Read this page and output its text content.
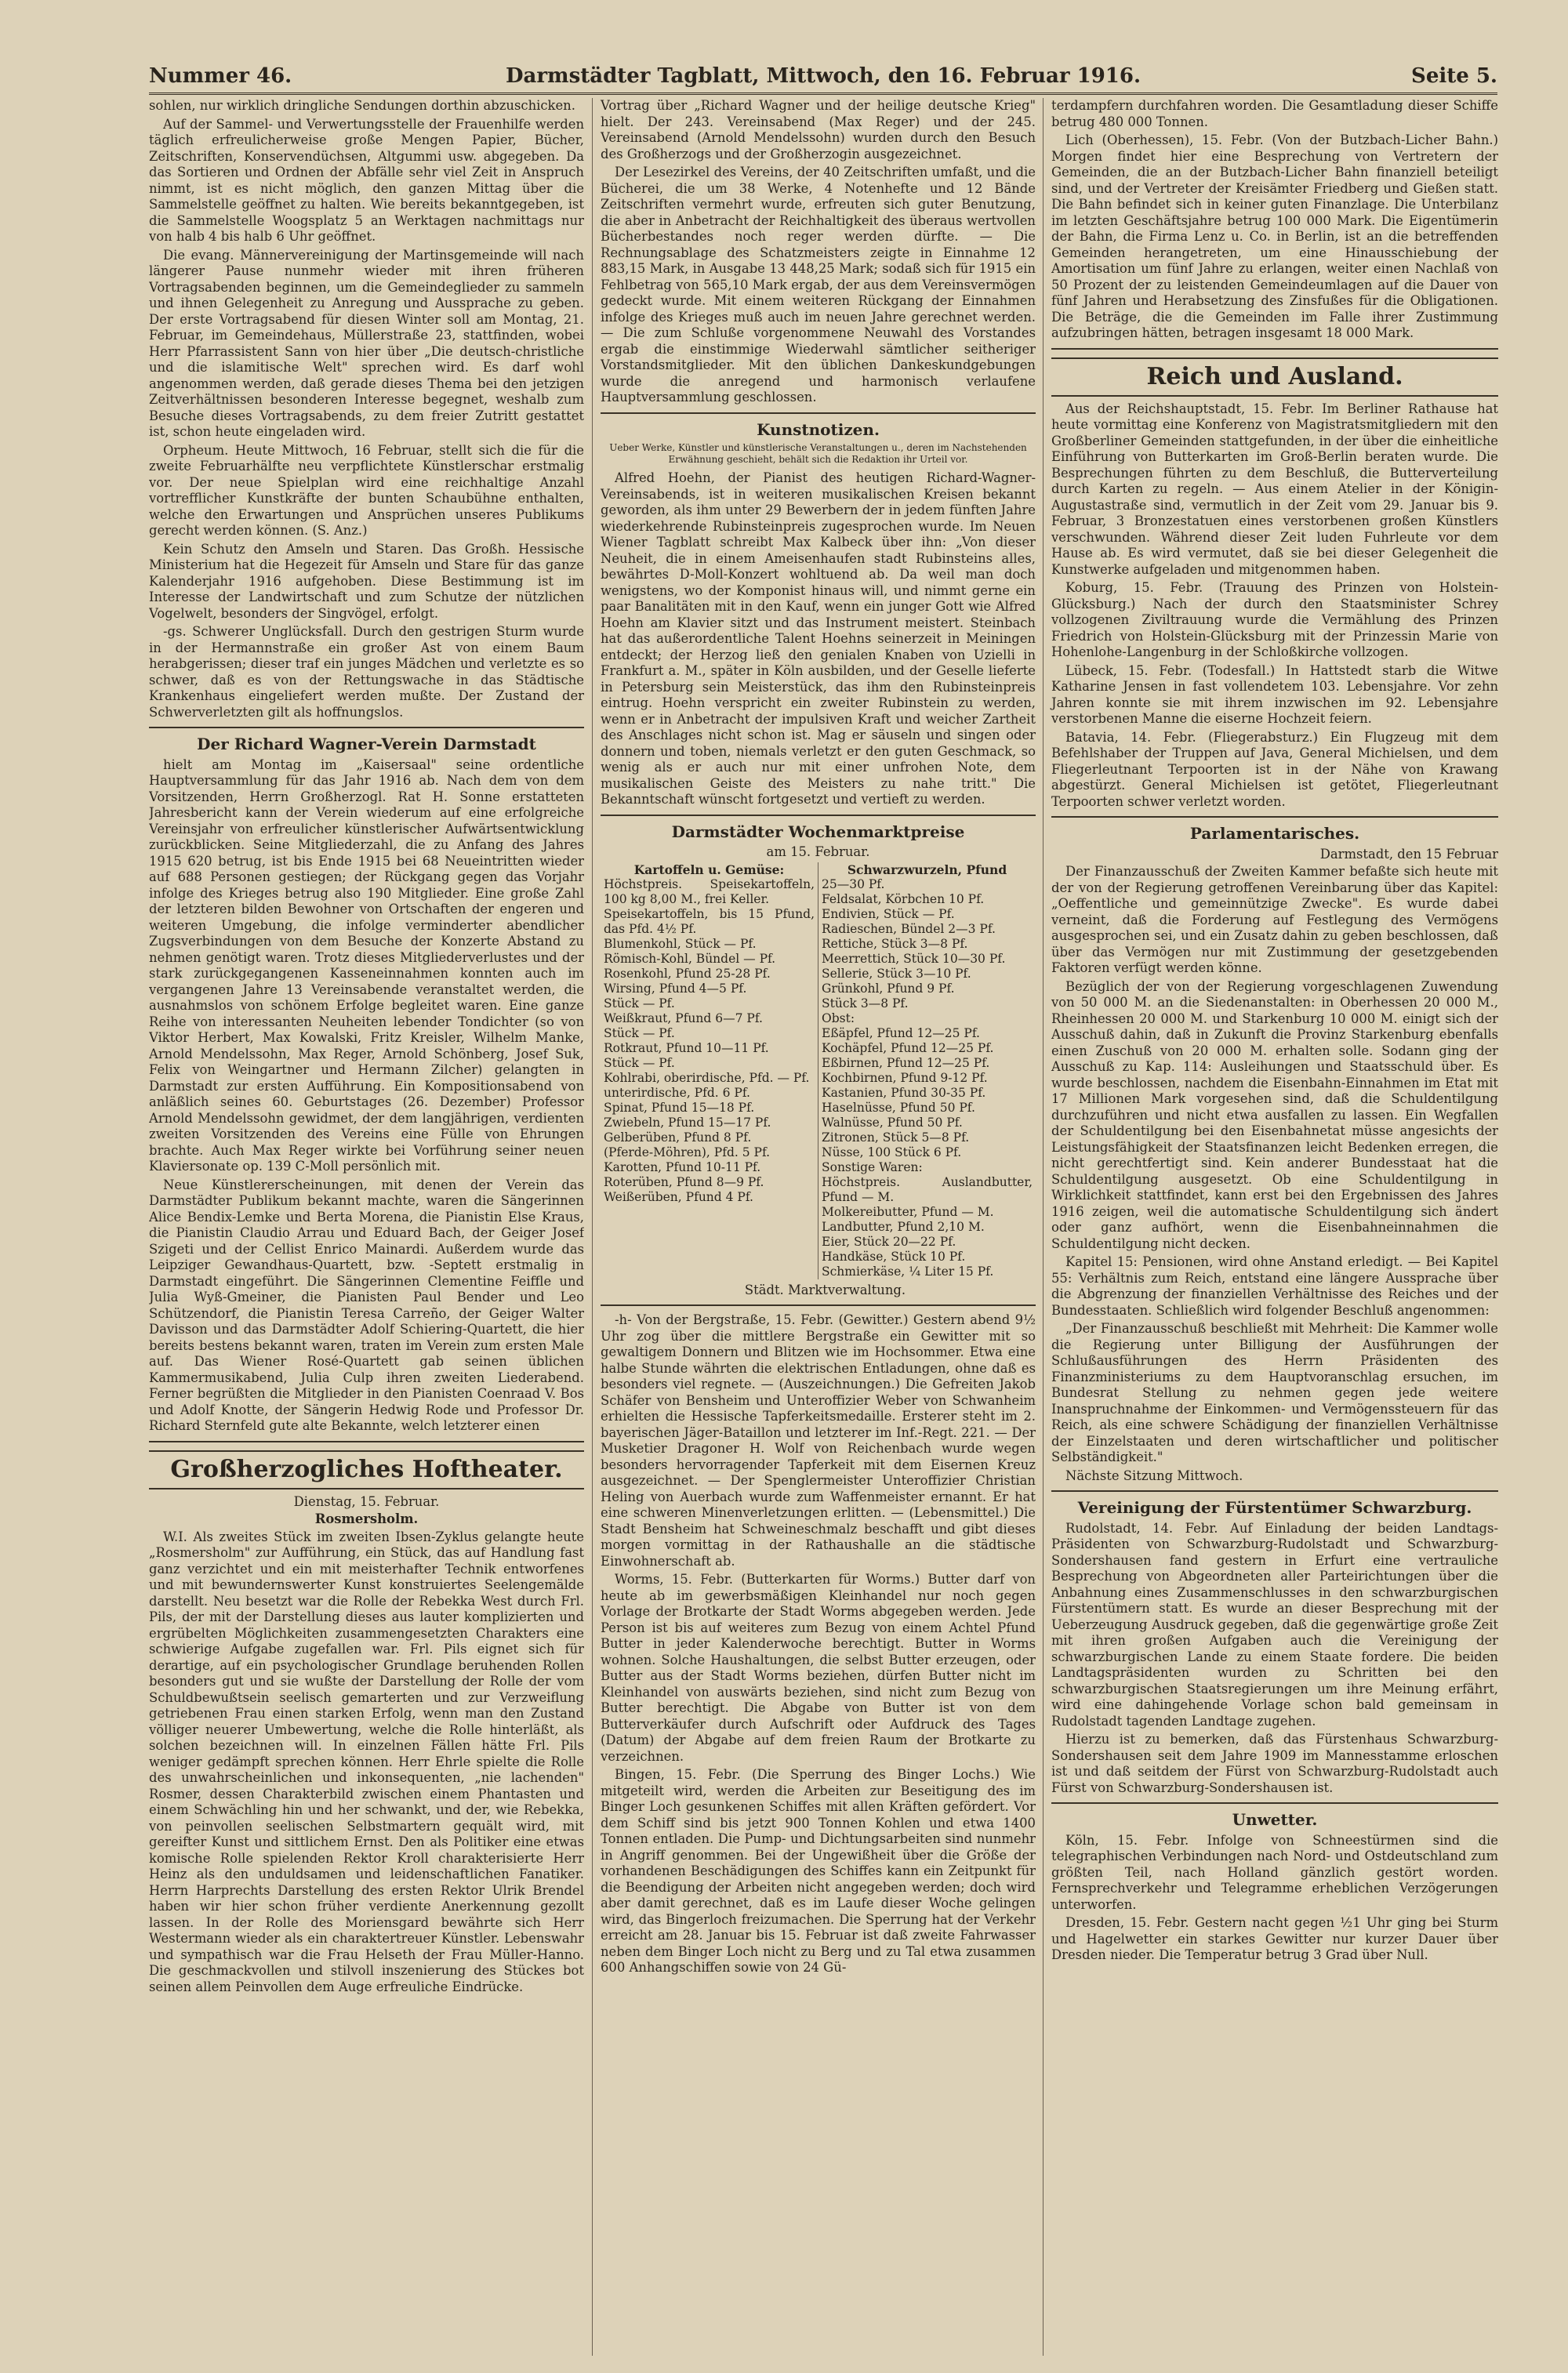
Nummer 46.	Darmstädter Tagblatt, Mittwoch, den 16. Februar 1916.	Seite 5.

sohlen, nur wirklich dringliche Sendungen dorthin abzuschicken.

Auf der Sammel- und Verwertungsstelle der Frauenhilfe werden täglich erfreulicherweise große Mengen Papier, Bücher, Zeitschriften, Konservendüchsen, Altgummi usw. abgegeben. Da das Sortieren und Ordnen der Abfälle sehr viel Zeit in Anspruch nimmt, ist es nicht möglich, den ganzen Mittag über die Sammelstelle geöffnet zu halten. Wie bereits bekanntgegeben, ist die Sammelstelle Woogsplatz 5 an Werktagen nachmittags nur von halb 4 bis halb 6 Uhr geöffnet.

Die evang. Männervereinigung der Martinsgemeinde will nach längerer Pause nunmehr wieder mit ihren früheren Vortragsabenden beginnen, um die Gemeindeglieder zu sammeln und ihnen Gelegenheit zu Anregung und Aussprache zu geben. Der erste Vortragsabend für diesen Winter soll am Montag, 21. Februar, im Gemeindehaus, Müllerstraße 23, stattfinden, wobei Herr Pfarrassistent Sann von hier über „Die deutsch-christliche und die islamitische Welt" sprechen wird. Es darf wohl angenommen werden, daß gerade dieses Thema bei den jetzigen Zeitverhältnissen besonderen Interesse begegnet, weshalb zum Besuche dieses Vortragsabends, zu dem freier Zutritt gestattet ist, schon heute eingeladen wird.

Orpheum. Heute Mittwoch, 16 Februar, stellt sich die für die zweite Februarhälfte neu verpflichtete Künstlerschar erstmalig vor. Der neue Spielplan wird eine reichhaltige Anzahl vortrefflicher Kunstkräfte der bunten Schaubühne enthalten, welche den Erwartungen und Ansprüchen unseres Publikums gerecht werden können. (S. Anz.)

Kein Schutz den Amseln und Staren. Das Großh. Hessische Ministerium hat die Hegezeit für Amseln und Stare für das ganze Kalenderjahr 1916 aufgehoben. Diese Bestimmung ist im Interesse der Landwirtschaft und zum Schutze der nützlichen Vogelwelt, besonders der Singvögel, erfolgt.

-gs. Schwerer Unglücksfall. Durch den gestrigen Sturm wurde in der Hermannstraße ein großer Ast von einem Baum herabgerissen; dieser traf ein junges Mädchen und verletzte es so schwer, daß es von der Rettungswache in das Städtische Krankenhaus eingeliefert werden mußte. Der Zustand der Schwerverletzten gilt als hoffnungslos.

Der Richard Wagner-Verein Darmstadt

hielt am Montag im „Kaisersaal" seine ordentliche Hauptversammlung für das Jahr 1916 ab. Nach dem von dem Vorsitzenden, Herrn Großherzogl. Rat H. Sonne erstatteten Jahresbericht kann der Verein wiederum auf eine erfolgreiche Vereinsjahr von erfreulicher künstlerischer Aufwärtsentwicklung zurückblicken. Seine Mitgliederzahl, die zu Anfang des Jahres 1915 620 betrug, ist bis Ende 1915 bei 68 Neueintritten wieder auf 688 Personen gestiegen; der Rückgang gegen das Vorjahr infolge des Krieges betrug also 190 Mitglieder. Eine große Zahl der letzteren bilden Bewohner von Ortschaften der engeren und weiteren Umgebung, die infolge verminderter abendlicher Zugsverbindungen von dem Besuche der Konzerte Abstand zu nehmen genötigt waren. Trotz dieses Mitgliederverlustes und der stark zurückgegangenen Kasseneinnahmen konnten auch im vergangenen Jahre 13 Vereinsabende veranstaltet werden, die ausnahmslos von schönem Erfolge begleitet waren. Eine ganze Reihe von interessanten Neuheiten lebender Tondichter (so von Viktor Herbert, Max Kowalski, Fritz Kreisler, Wilhelm Manke, Arnold Mendelssohn, Max Reger, Arnold Schönberg, Josef Suk, Felix von Weingartner und Hermann Zilcher) gelangten in Darmstadt zur ersten Aufführung. Ein Kompositionsabend von anläßlich seines 60. Geburtstages (26. Dezember) Professor Arnold Mendelssohn gewidmet, der dem langjährigen, verdienten zweiten Vorsitzenden des Vereins eine Fülle von Ehrungen brachte. Auch Max Reger wirkte bei Vorführung seiner neuen Klaviersonate op. 139 C-Moll persönlich mit.

Neue Künstlererscheinungen, mit denen der Verein das Darmstädter Publikum bekannt machte, waren die Sängerinnen Alice Bendix-Lemke und Berta Morena, die Pianistin Else Kraus, die Pianistin Claudio Arrau und Eduard Bach, der Geiger Josef Szigeti und der Cellist Enrico Mainardi. Außerdem wurde das Leipziger Gewandhaus-Quartett, bzw. -Septett erstmalig in Darmstadt eingeführt. Die Sängerinnen Clementine Feiffle und Julia Wyß-Gmeiner, die Pianisten Paul Bender und Leo Schützendorf, die Pianistin Teresa Carreño, der Geiger Walter Davisson und das Darmstädter Adolf Schiering-Quartett, die hier bereits bestens bekannt waren, traten im Verein zum ersten Male auf. Das Wiener Rosé-Quartett gab seinen üblichen Kammermusikabend, Julia Culp ihren zweiten Liederabend. Ferner begrüßten die Mitglieder in den Pianisten Coenraad V. Bos und Adolf Knotte, der Sängerin Hedwig Rode und Professor Dr. Richard Sternfeld gute alte Bekannte, welch letzterer einen

Großherzogliches Hoftheater.

Dienstag, 15. Februar.

Rosmersholm.

W.I. Als zweites Stück im zweiten Ibsen-Zyklus gelangte heute „Rosmersholm" zur Aufführung, ein Stück, das auf Handlung fast ganz verzichtet und ein mit meisterhafter Technik entworfenes und mit bewundernswerter Kunst konstruiertes Seelengemälde darstellt. Neu besetzt war die Rolle der Rebekka West durch Frl. Pils, der mit der Darstellung dieses aus lauter komplizierten und ergrübelten Möglichkeiten zusammengesetzten Charakters eine schwierige Aufgabe zugefallen war. Frl. Pils eignet sich für derartige, auf ein psychologischer Grundlage beruhenden Rollen besonders gut und sie wußte der Darstellung der Rolle der vom Schuldbewußtsein seelisch gemarterten und zur Verzweiflung getriebenen Frau einen starken Erfolg, wenn man den Zustand völliger neuerer Umbewertung, welche die Rolle hinterläßt, als solchen bezeichnen will. In einzelnen Fällen hätte Frl. Pils weniger gedämpft sprechen können. Herr Ehrle spielte die Rolle des unwahrscheinlichen und inkonsequenten, „nie lachenden" Rosmer, dessen Charakterbild zwischen einem Phantasten und einem Schwächling hin und her schwankt, und der, wie Rebekka, von peinvollen seelischen Selbstmartern gequält wird, mit gereifter Kunst und sittlichem Ernst. Den als Politiker eine etwas komische Rolle spielenden Rektor Kroll charakterisierte Herr Heinz als den unduldsamen und leidenschaftlichen Fanatiker. Herrn Harprechts Darstellung des ersten Rektor Ulrik Brendel haben wir hier schon früher verdiente Anerkennung gezollt lassen. In der Rolle des Moriensgard bewährte sich Herr Westermann wieder als ein charaktertreuer Künstler. Lebenswahr und sympathisch war die Frau Helseth der Frau Müller-Hanno. Die geschmackvollen und stilvoll inszenierung des Stückes bot seinen allem Peinvollen dem Auge erfreuliche Eindrücke.

Vortrag über „Richard Wagner und der heilige deutsche Krieg" hielt. Der 243. Vereinsabend (Max Reger) und der 245. Vereinsabend (Arnold Mendelssohn) wurden durch den Besuch des Großherzogs und der Großherzogin ausgezeichnet.

Der Lesezirkel des Vereins, der 40 Zeitschriften umfaßt, und die Bücherei, die um 38 Werke, 4 Notenhefte und 12 Bände Zeitschriften vermehrt wurde, erfreuten sich guter Benutzung, die aber in Anbetracht der Reichhaltigkeit des überaus wertvollen Bücherbestandes noch reger werden dürfte. — Die Rechnungsablage des Schatzmeisters zeigte in Einnahme 12 883,15 Mark, in Ausgabe 13 448,25 Mark; sodaß sich für 1915 ein Fehlbetrag von 565,10 Mark ergab, der aus dem Vereinsvermögen gedeckt wurde. Mit einem weiteren Rückgang der Einnahmen infolge des Krieges muß auch im neuen Jahre gerechnet werden. — Die zum Schluße vorgenommene Neuwahl des Vorstandes ergab die einstimmige Wiederwahl sämtlicher seitheriger Vorstandsmitglieder. Mit den üblichen Dankeskundgebungen wurde die anregend und harmonisch verlaufene Hauptversammlung geschlossen.

Kunstnotizen.

Ueber Werke, Künstler und künstlerische Veranstaltungen u., deren im Nachstehenden Erwähnung geschieht, behält sich die Redaktion ihr Urteil vor.

Alfred Hoehn, der Pianist des heutigen Richard-Wagner-Vereinsabends, ist in weiteren musikalischen Kreisen bekannt geworden, als ihm unter 29 Bewerbern der in jedem fünften Jahre wiederkehrende Rubinsteinpreis zugesprochen wurde. Im Neuen Wiener Tagblatt schreibt Max Kalbeck über ihn: „Von dieser Neuheit, die in einem Ameisenhaufen stadt Rubinsteins alles, bewährtes D-Moll-Konzert wohltuend ab. Da weil man doch wenigstens, wo der Komponist hinaus will, und nimmt gerne ein paar Banalitäten mit in den Kauf, wenn ein junger Gott wie Alfred Hoehn am Klavier sitzt und das Instrument meistert. Steinbach hat das außerordentliche Talent Hoehns seinerzeit in Meiningen entdeckt; der Herzog ließ den genialen Knaben von Uzielli in Frankfurt a. M., später in Köln ausbilden, und der Geselle lieferte in Petersburg sein Meisterstück, das ihm den Rubinsteinpreis eintrug. Hoehn verspricht ein zweiter Rubinstein zu werden, wenn er in Anbetracht der impulsiven Kraft und weicher Zartheit des Anschlages nicht schon ist. Mag er säuseln und singen oder donnern und toben, niemals verletzt er den guten Geschmack, so wenig als er auch nur mit einer unfrohen Note, dem musikalischen Geiste des Meisters zu nahe tritt." Die Bekanntschaft wünscht fortgesetzt und vertieft zu werden.

Darmstädter Wochenmarktpreise

am 15. Februar.

Kartoffeln u. Gemüse:
Höchstpreis. Speisekartoffeln, 100 kg 8,00 M., frei Keller.
Speisekartoffeln, bis 15 Pfund, das Pfd. 4½ Pf.
Blumenkohl, Stück — Pf.
Römisch-Kohl, Bündel — Pf.
Rosenkohl, Pfund 25-28 Pf.
Wirsing, Pfund 4—5 Pf.
Stück — Pf.
Weißkraut, Pfund 6—7 Pf.
Stück — Pf.
Rotkraut, Pfund 10—11 Pf.
Stück — Pf.
Kohlrabi, oberirdische, Pfd. — Pf.
unterirdische, Pfd. 6 Pf.
Spinat, Pfund 15—18 Pf.
Zwiebeln, Pfund 15—17 Pf.
Gelberüben, Pfund 8 Pf.
(Pferde-Möhren), Pfd. 5 Pf.
Karotten, Pfund 10-11 Pf.
Roterüben, Pfund 8—9 Pf.
Weißerüben, Pfund 4 Pf.

Schwarzwurzeln, Pfund
25—30 Pf.
Feldsalat, Körbchen 10 Pf.
Endivien, Stück — Pf.
Radieschen, Bündel 2—3 Pf.
Rettiche, Stück 3—8 Pf.
Meerrettich, Stück 10—30 Pf.
Sellerie, Stück 3—10 Pf.
Grünkohl, Pfund 9 Pf.
Stück 3—8 Pf.
Obst:
Eßäpfel, Pfund 12—25 Pf.
Kochäpfel, Pfund 12—25 Pf.
Eßbirnen, Pfund 12—25 Pf.
Kochbirnen, Pfund 9-12 Pf.
Kastanien, Pfund 30-35 Pf.
Haselnüsse, Pfund 50 Pf.
Walnüsse, Pfund 50 Pf.
Zitronen, Stück 5—8 Pf.
Nüsse, 100 Stück 6 Pf.
Sonstige Waren:
Höchstpreis. Auslandbutter, Pfund — M.
Molkereibutter, Pfund — M.
Landbutter, Pfund 2,10 M.
Eier, Stück 20—22 Pf.
Handkäse, Stück 10 Pf.
Schmierkäse, ¼ Liter 15 Pf.

Städt. Marktverwaltung.

-h- Von der Bergstraße, 15. Febr. (Gewitter.) Gestern abend 9½ Uhr zog über die mittlere Bergstraße ein Gewitter mit so gewaltigem Donnern und Blitzen wie im Hochsommer. Etwa eine halbe Stunde währten die elektrischen Entladungen, ohne daß es besonders viel regnete. — (Auszeichnungen.) Die Gefreiten Jakob Schäfer von Bensheim und Unteroffizier Weber von Schwanheim erhielten die Hessische Tapferkeitsmedaille. Ersterer steht im 2. bayerischen Jäger-Bataillon und letzterer im Inf.-Regt. 221. — Der Musketier Dragoner H. Wolf von Reichenbach wurde wegen besonders hervorragender Tapferkeit mit dem Eisernen Kreuz ausgezeichnet. — Der Spenglermeister Unteroffizier Christian Heling von Auerbach wurde zum Waffenmeister ernannt. Er hat eine schweren Minenverletzungen erlitten. — (Lebensmittel.) Die Stadt Bensheim hat Schweineschmalz beschafft und gibt dieses morgen vormittag in der Rathaushalle an die städtische Einwohnerschaft ab.

Worms, 15. Febr. (Butterkarten für Worms.) Butter darf von heute ab im gewerbsmäßigen Kleinhandel nur noch gegen Vorlage der Brotkarte der Stadt Worms abgegeben werden. Jede Person ist bis auf weiteres zum Bezug von einem Achtel Pfund Butter in jeder Kalenderwoche berechtigt. Butter in Worms wohnen. Solche Haushaltungen, die selbst Butter erzeugen, oder Butter aus der Stadt Worms beziehen, dürfen Butter nicht im Kleinhandel von auswärts beziehen, sind nicht zum Bezug von Butter berechtigt. Die Abgabe von Butter ist von dem Butterverkäufer durch Aufschrift oder Aufdruck des Tages (Datum) der Abgabe auf dem freien Raum der Brotkarte zu verzeichnen.

Bingen, 15. Febr. (Die Sperrung des Binger Lochs.) Wie mitgeteilt wird, werden die Arbeiten zur Beseitigung des im Binger Loch gesunkenen Schiffes mit allen Kräften gefördert. Vor dem Schiff sind bis jetzt 900 Tonnen Kohlen und etwa 1400 Tonnen entladen. Die Pump- und Dichtungsarbeiten sind nunmehr in Angriff genommen. Bei der Ungewißheit über die Größe der vorhandenen Beschädigungen des Schiffes kann ein Zeitpunkt für die Beendigung der Arbeiten nicht angegeben werden; doch wird aber damit gerechnet, daß es im Laufe dieser Woche gelingen wird, das Bingerloch freizumachen. Die Sperrung hat der Verkehr erreicht am 28. Januar bis 15. Februar ist daß zweite Fahrwasser neben dem Binger Loch nicht zu Berg und zu Tal etwa zusammen 600 Anhangschiffen sowie von 24 Gü-

terdampfern durchfahren worden. Die Gesamtladung dieser Schiffe betrug 480 000 Tonnen.

Lich (Oberhessen), 15. Febr. (Von der Butzbach-Licher Bahn.) Morgen findet hier eine Besprechung von Vertretern der Gemeinden, die an der Butzbach-Licher Bahn finanziell beteiligt sind, und der Vertreter der Kreisämter Friedberg und Gießen statt. Die Bahn befindet sich in keiner guten Finanzlage. Die Unterbilanz im letzten Geschäftsjahre betrug 100 000 Mark. Die Eigentümerin der Bahn, die Firma Lenz u. Co. in Berlin, ist an die betreffenden Gemeinden herangetreten, um eine Hinausschiebung der Amortisation um fünf Jahre zu erlangen, weiter einen Nachlaß von 50 Prozent der zu leistenden Gemeindeumlagen auf die Dauer von fünf Jahren und Herabsetzung des Zinsfußes für die Obligationen. Die Beträge, die die Gemeinden im Falle ihrer Zustimmung aufzubringen hätten, betragen insgesamt 18 000 Mark.

Reich und Ausland.

Aus der Reichshauptstadt, 15. Febr. Im Berliner Rathause hat heute vormittag eine Konferenz von Magistratsmitgliedern mit den Großberliner Gemeinden stattgefunden, in der über die einheitliche Einführung von Butterkarten im Groß-Berlin beraten wurde. Die Besprechungen führten zu dem Beschluß, die Butterverteilung durch Karten zu regeln. — Aus einem Atelier in der Königin-Augustastraße sind, vermutlich in der Zeit vom 29. Januar bis 9. Februar, 3 Bronzestatuen eines verstorbenen großen Künstlers verschwunden. Während dieser Zeit luden Fuhrleute vor dem Hause ab. Es wird vermutet, daß sie bei dieser Gelegenheit die Kunstwerke aufgeladen und mitgenommen haben.

Koburg, 15. Febr. (Trauung des Prinzen von Holstein-Glücksburg.) Nach der durch den Staatsminister Schrey vollzogenen Ziviltrauung wurde die Vermählung des Prinzen Friedrich von Holstein-Glücksburg mit der Prinzessin Marie von Hohenlohe-Langenburg in der Schloßkirche vollzogen.

Lübeck, 15. Febr. (Todesfall.) In Hattstedt starb die Witwe Katharine Jensen in fast vollendetem 103. Lebensjahre. Vor zehn Jahren konnte sie mit ihrem inzwischen im 92. Lebensjahre verstorbenen Manne die eiserne Hochzeit feiern.

Batavia, 14. Febr. (Fliegerabsturz.) Ein Flugzeug mit dem Befehlshaber der Truppen auf Java, General Michielsen, und dem Fliegerleutnant Terpoorten ist in der Nähe von Krawang abgestürzt. General Michielsen ist getötet, Fliegerleutnant Terpoorten schwer verletzt worden.

Parlamentarisches.

Darmstadt, den 15 Februar

Der Finanzausschuß der Zweiten Kammer befaßte sich heute mit der von der Regierung getroffenen Vereinbarung über das Kapitel: „Oeffentliche und gemeinnützige Zwecke". Es wurde dabei verneint, daß die Forderung auf Festlegung des Vermögens ausgesprochen sei, und ein Zusatz dahin zu geben beschlossen, daß über das Vermögen nur mit Zustimmung der gesetzgebenden Faktoren verfügt werden könne.

Bezüglich der von der Regierung vorgeschlagenen Zuwendung von 50 000 M. an die Siedenanstalten: in Oberhessen 20 000 M., Rheinhessen 20 000 M. und Starkenburg 10 000 M. einigt sich der Ausschuß dahin, daß in Zukunft die Provinz Starkenburg ebenfalls einen Zuschuß von 20 000 M. erhalten solle. Sodann ging der Ausschuß zu Kap. 114: Ausleihungen und Staatsschuld über. Es wurde beschlossen, nachdem die Eisenbahn-Einnahmen im Etat mit 17 Millionen Mark vorgesehen sind, daß die Schuldentilgung durchzuführen und nicht etwa ausfallen zu lassen. Ein Wegfallen der Schuldentilgung bei den Eisenbahnetat müsse angesichts der Leistungsfähigkeit der Staatsfinanzen leicht Bedenken erregen, die nicht gerechtfertigt sind. Kein anderer Bundesstaat hat die Schuldentilgung ausgesetzt. Ob eine Schuldentilgung in Wirklichkeit stattfindet, kann erst bei den Ergebnissen des Jahres 1916 zeigen, weil die automatische Schuldentilgung sich ändert oder ganz aufhört, wenn die Eisenbahneinnahmen die Schuldentilgung nicht decken.

Kapitel 15: Pensionen, wird ohne Anstand erledigt. — Bei Kapitel 55: Verhältnis zum Reich, entstand eine längere Aussprache über die Abgrenzung der finanziellen Verhältnisse des Reiches und der Bundesstaaten. Schließlich wird folgender Beschluß angenommen:

„Der Finanzausschuß beschließt mit Mehrheit: Die Kammer wolle die Regierung unter Billigung der Ausführungen der Schlußausführungen des Herrn Präsidenten des Finanzministeriums zu dem Hauptvoranschlag ersuchen, im Bundesrat Stellung zu nehmen gegen jede weitere Inanspruchnahme der Einkommen- und Vermögenssteuern für das Reich, als eine schwere Schädigung der finanziellen Verhältnisse der Einzelstaaten und deren wirtschaftlicher und politischer Selbständigkeit."

Nächste Sitzung Mittwoch.

Vereinigung der Fürstentümer Schwarzburg.

Rudolstadt, 14. Febr. Auf Einladung der beiden Landtags-Präsidenten von Schwarzburg-Rudolstadt und Schwarzburg-Sondershausen fand gestern in Erfurt eine vertrauliche Besprechung von Abgeordneten aller Parteirichtungen über die Anbahnung eines Zusammenschlusses in den schwarzburgischen Fürstentümern statt. Es wurde an dieser Besprechung mit der Ueberzeugung Ausdruck gegeben, daß die gegenwärtige große Zeit mit ihren großen Aufgaben auch die Vereinigung der schwarzburgischen Lande zu einem Staate fordere. Die beiden Landtagspräsidenten wurden zu Schritten bei den schwarzburgischen Staatsregierungen um ihre Meinung erfährt, wird eine dahingehende Vorlage schon bald gemeinsam in Rudolstadt tagenden Landtage zugehen.

Hierzu ist zu bemerken, daß das Fürstenhaus Schwarzburg-Sondershausen seit dem Jahre 1909 im Mannesstamme erloschen ist und daß seitdem der Fürst von Schwarzburg-Rudolstadt auch Fürst von Schwarzburg-Sondershausen ist.

Unwetter.

Köln, 15. Febr. Infolge von Schneestürmen sind die telegraphischen Verbindungen nach Nord- und Ostdeutschland zum größten Teil, nach Holland gänzlich gestört worden. Fernsprechverkehr und Telegramme erheblichen Verzögerungen unterworfen.

Dresden, 15. Febr. Gestern nacht gegen ½1 Uhr ging bei Sturm und Hagelwetter ein starkes Gewitter nur kurzer Dauer über Dresden nieder. Die Temperatur betrug 3 Grad über Null.
